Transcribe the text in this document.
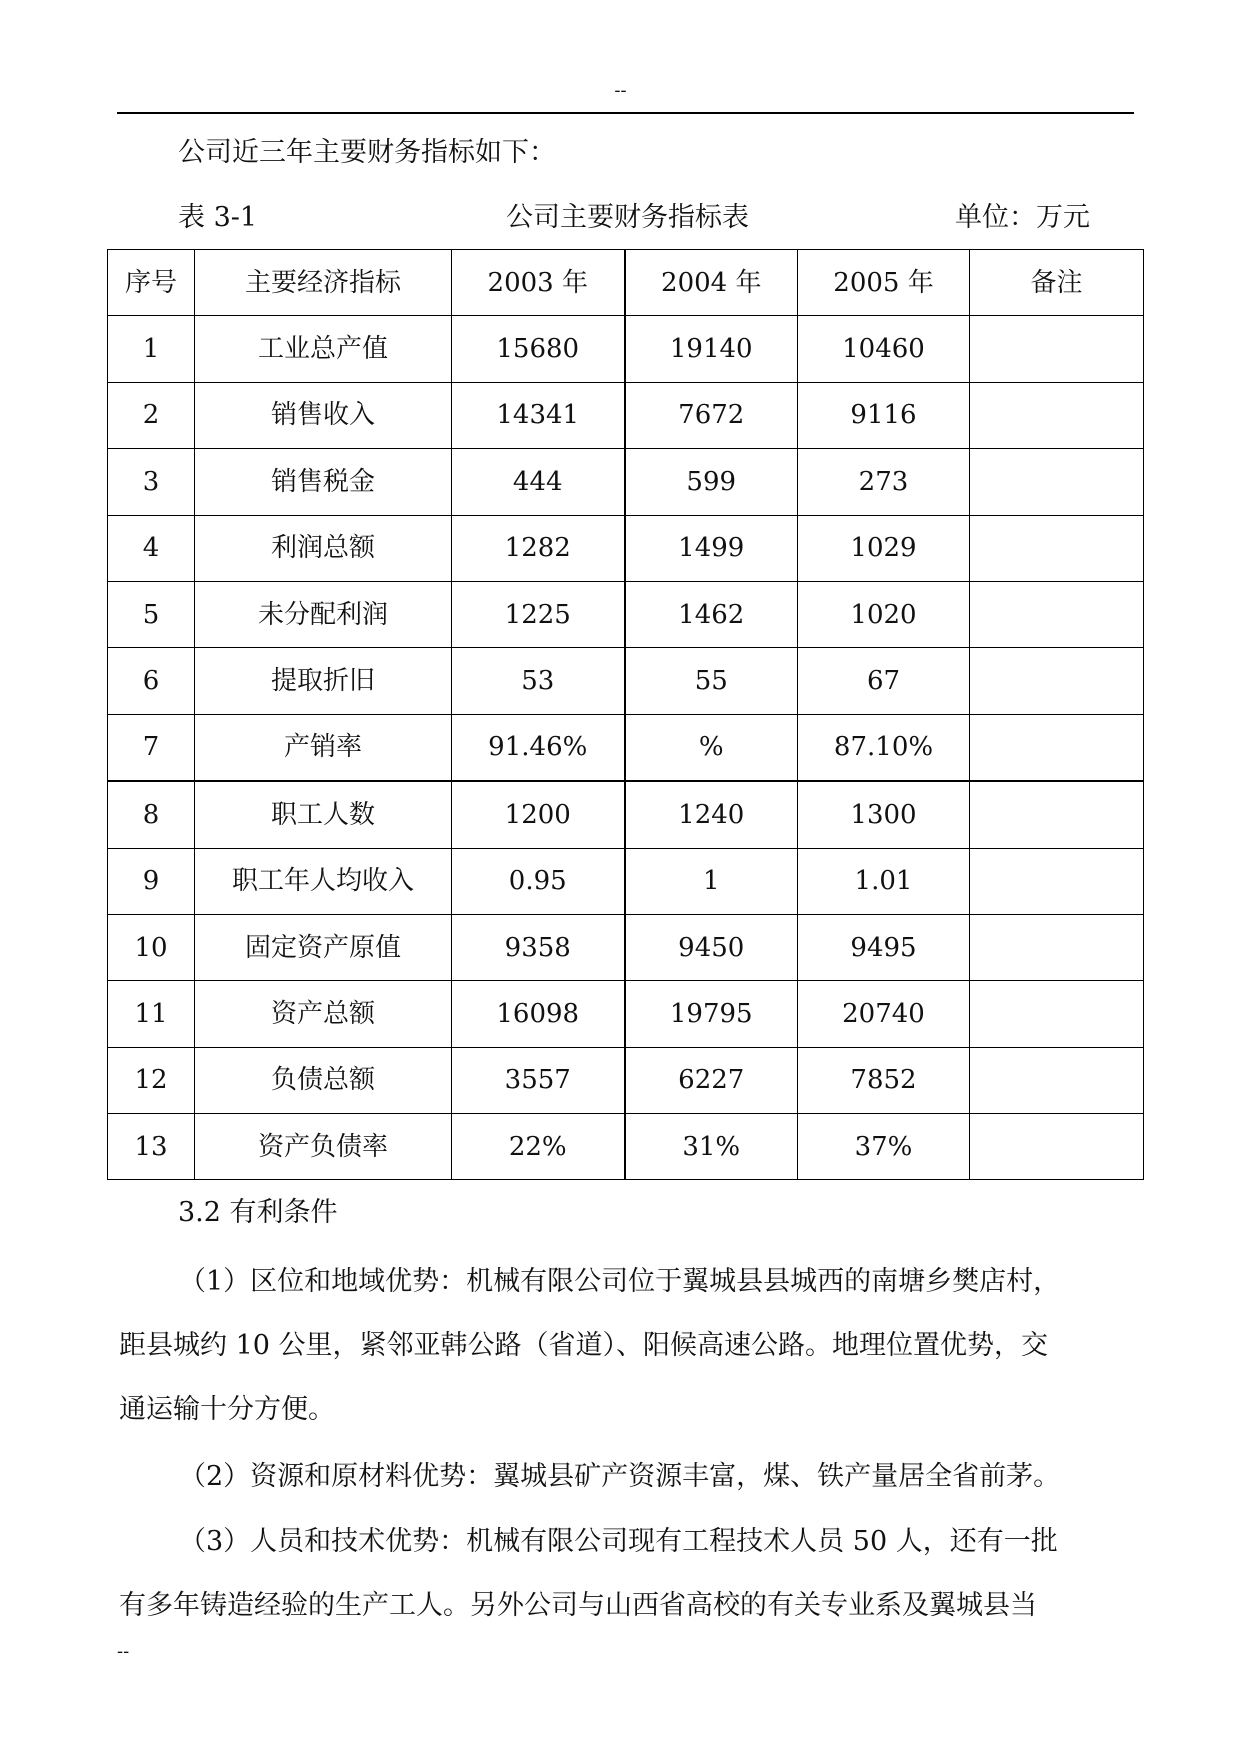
--
公司近三年主要财务指标如下：
表 3-1	公司主要财务指标表	单位：万元
序号	主要经济指标	2003 年	2004 年	2005 年	备注
1	工业总产值	15680	19140	10460	
2	销售收入	14341	7672	9116	
3	销售税金	444	599	273	
4	利润总额	1282	1499	1029	
5	未分配利润	1225	1462	1020	
6	提取折旧	53	55	67	
7	产销率	91.46%	%	87.10%	
8	职工人数	1200	1240	1300	
9	职工年人均收入	0.95	1	1.01	
10	固定资产原值	9358	9450	9495	
11	资产总额	16098	19795	20740	
12	负债总额	3557	6227	7852	
13	资产负债率	22%	31%	37%	
3.2 有利条件
（1）区位和地域优势：机械有限公司位于翼城县县城西的南塘乡樊店村，
距县城约 10 公里，紧邻亚韩公路（省道）、阳候高速公路。地理位置优势，交
通运输十分方便。
（2）资源和原材料优势：翼城县矿产资源丰富，煤、铁产量居全省前茅。
（3）人员和技术优势：机械有限公司现有工程技术人员 50 人，还有一批
有多年铸造经验的生产工人。另外公司与山西省高校的有关专业系及翼城县当
--
